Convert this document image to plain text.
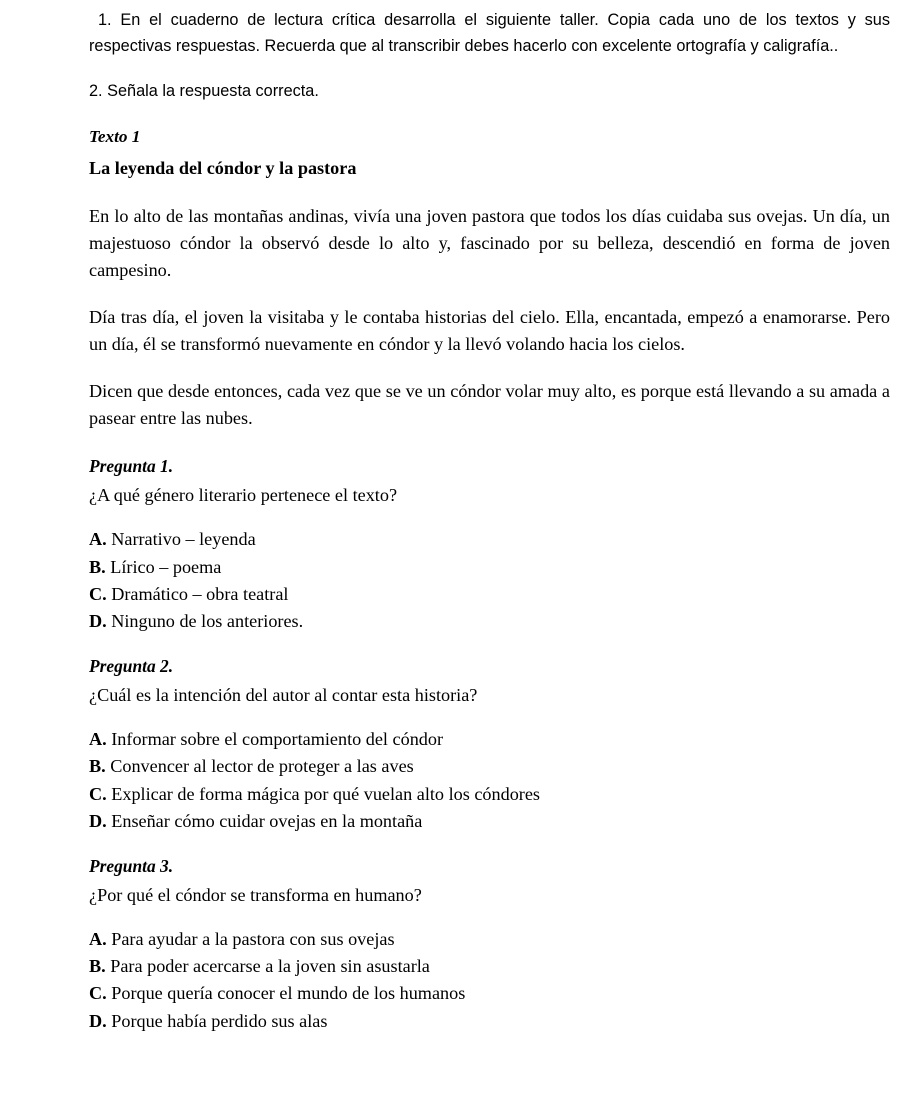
1. En el cuaderno de lectura crítica desarrolla el siguiente taller. Copia cada uno de los textos y sus respectivas respuestas. Recuerda que al transcribir debes hacerlo con excelente ortografía y caligrafía..

2. Señala la respuesta correcta.

Texto 1

La leyenda del cóndor y la pastora

En lo alto de las montañas andinas, vivía una joven pastora que todos los días cuidaba sus ovejas. Un día, un majestuoso cóndor la observó desde lo alto y, fascinado por su belleza, descendió en forma de joven campesino.

Día tras día, el joven la visitaba y le contaba historias del cielo. Ella, encantada, empezó a enamorarse. Pero un día, él se transformó nuevamente en cóndor y la llevó volando hacia los cielos.

Dicen que desde entonces, cada vez que se ve un cóndor volar muy alto, es porque está llevando a su amada a pasear entre las nubes.

Pregunta 1.

¿A qué género literario pertenece el texto?

A. Narrativo – leyenda
B. Lírico – poema
C. Dramático – obra teatral
D. Ninguno de los anteriores.

Pregunta 2.

¿Cuál es la intención del autor al contar esta historia?

A. Informar sobre el comportamiento del cóndor
B. Convencer al lector de proteger a las aves
C. Explicar de forma mágica por qué vuelan alto los cóndores
D. Enseñar cómo cuidar ovejas en la montaña

Pregunta 3.

¿Por qué el cóndor se transforma en humano?

A. Para ayudar a la pastora con sus ovejas
B. Para poder acercarse a la joven sin asustarla
C. Porque quería conocer el mundo de los humanos
D. Porque había perdido sus alas
